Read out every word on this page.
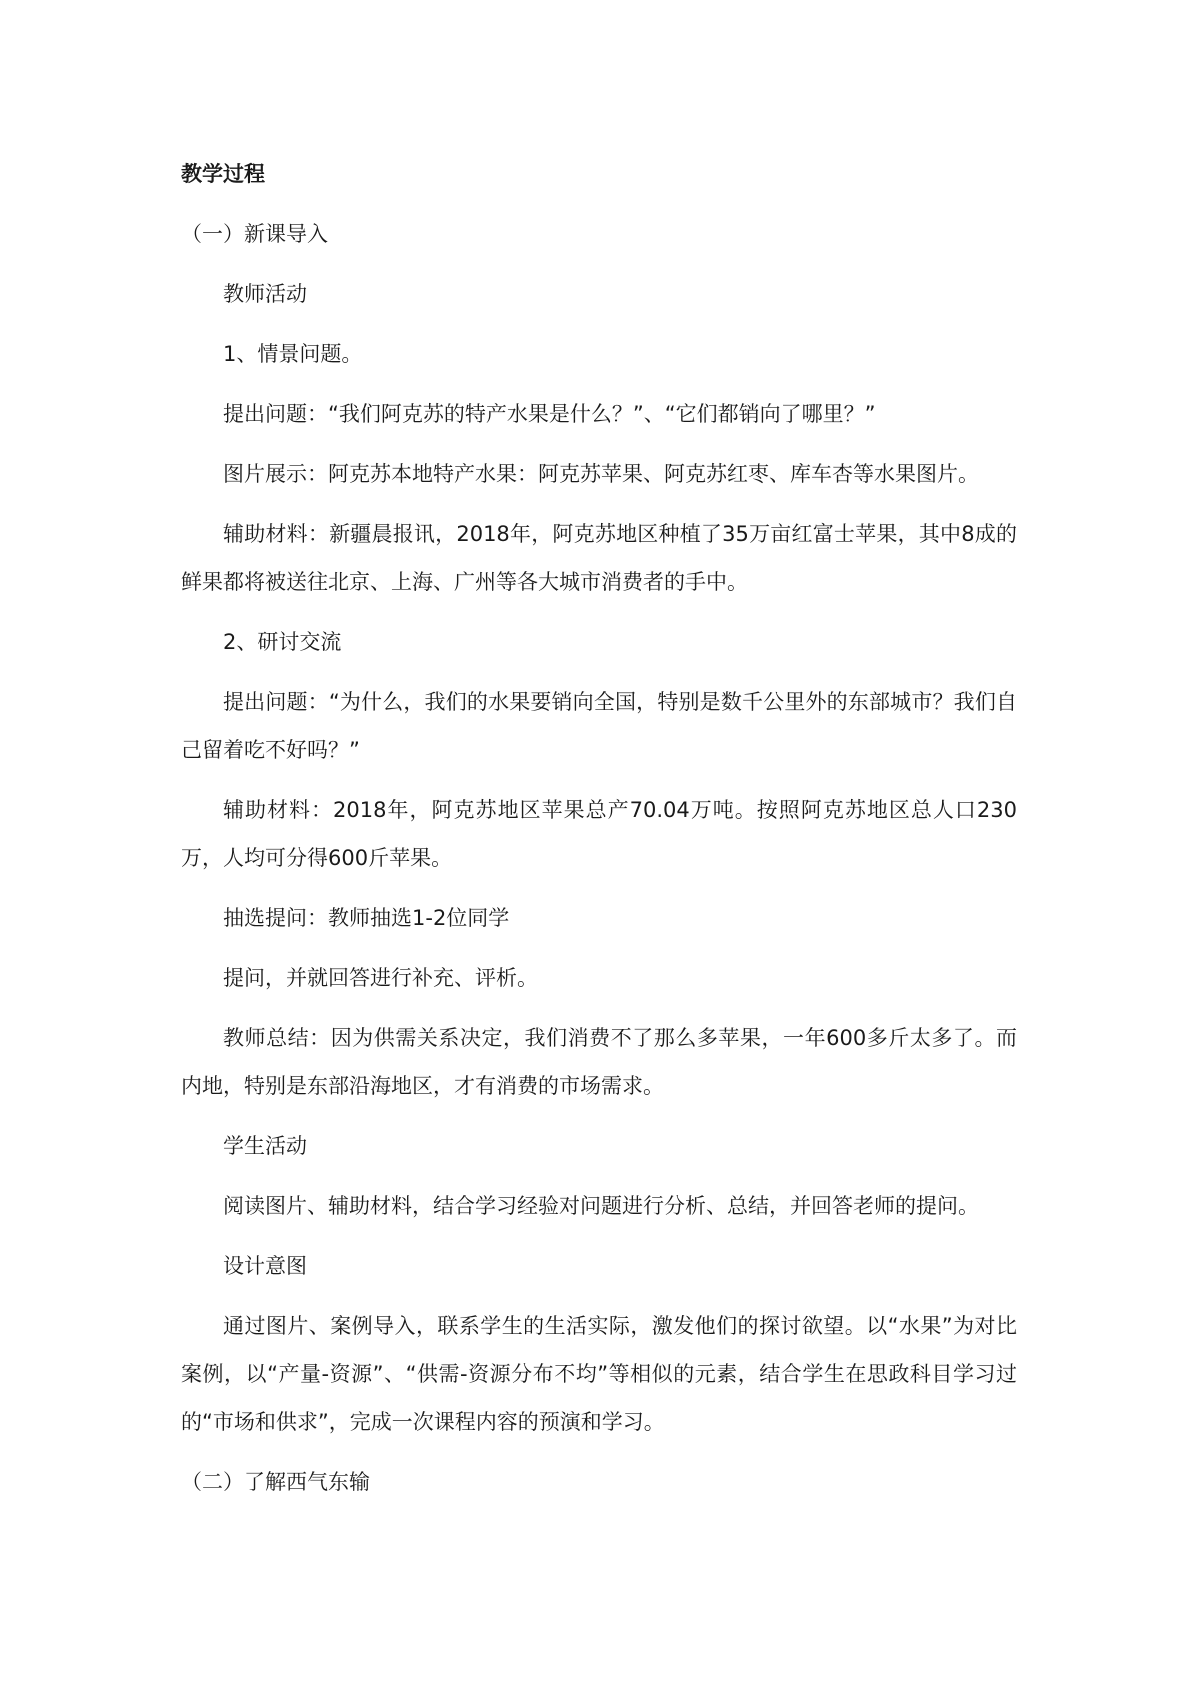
教学过程

（一）新课导入

教师活动

1、情景问题。

提出问题：“我们阿克苏的特产水果是什么？”、“它们都销向了哪里？”

图片展示：阿克苏本地特产水果：阿克苏苹果、阿克苏红枣、库车杏等水果图片。

辅助材料：新疆晨报讯，2018年，阿克苏地区种植了35万亩红富士苹果，其中8成的鲜果都将被送往北京、上海、广州等各大城市消费者的手中。

2、研讨交流

提出问题：“为什么，我们的水果要销向全国，特别是数千公里外的东部城市？我们自己留着吃不好吗？”

辅助材料：2018年，阿克苏地区苹果总产70.04万吨。按照阿克苏地区总人口230万，人均可分得600斤苹果。

抽选提问：教师抽选1-2位同学

提问，并就回答进行补充、评析。

教师总结：因为供需关系决定，我们消费不了那么多苹果，一年600多斤太多了。而内地，特别是东部沿海地区，才有消费的市场需求。

学生活动

阅读图片、辅助材料，结合学习经验对问题进行分析、总结，并回答老师的提问。

设计意图

通过图片、案例导入，联系学生的生活实际，激发他们的探讨欲望。以“水果”为对比案例，以“产量-资源”、“供需-资源分布不均”等相似的元素，结合学生在思政科目学习过的“市场和供求”，完成一次课程内容的预演和学习。

（二）了解西气东输
